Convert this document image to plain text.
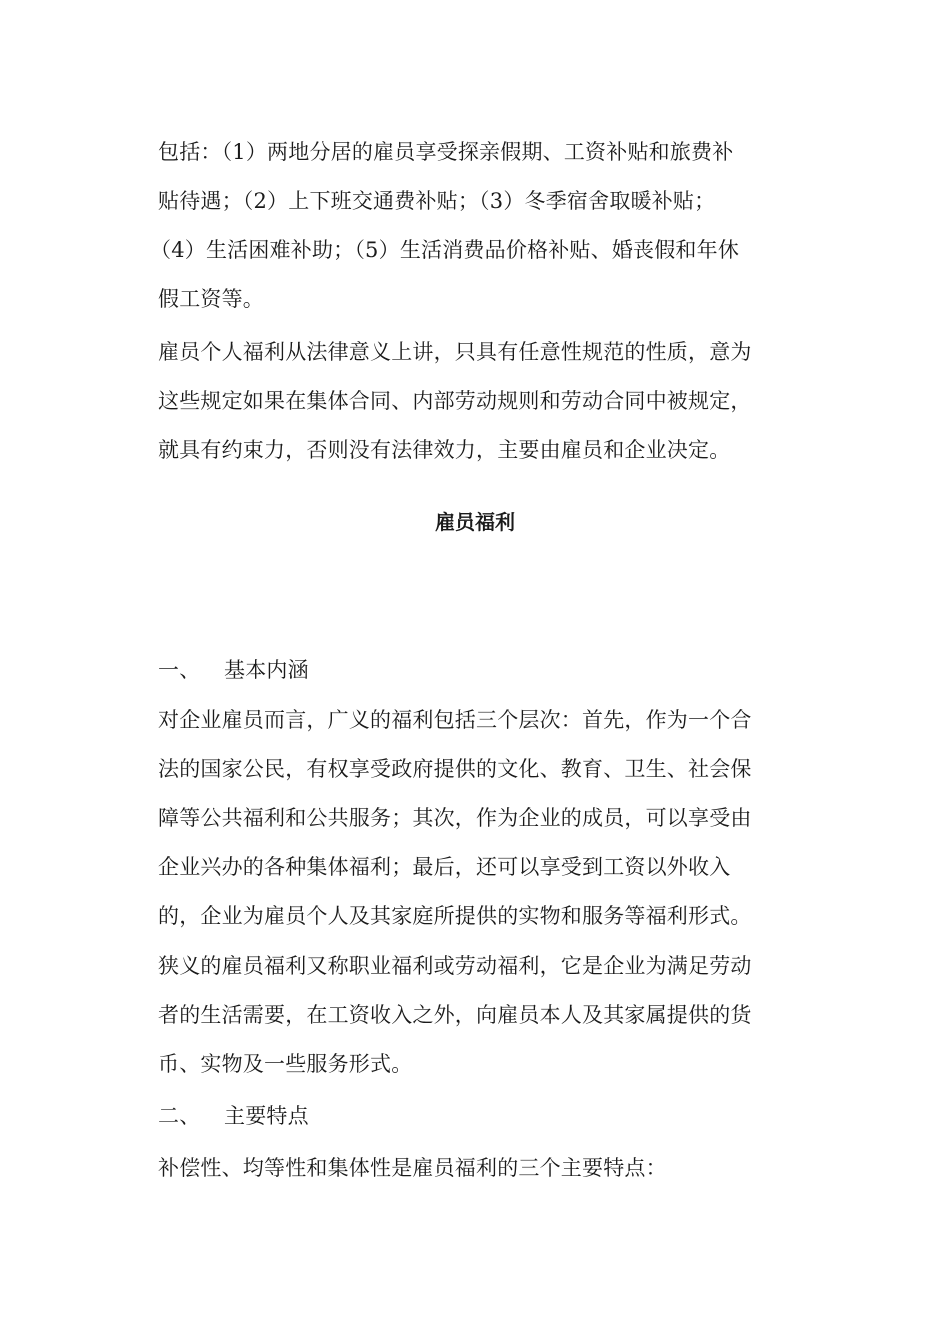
包括：（1）两地分居的雇员享受探亲假期、工资补贴和旅费补
贴待遇；（2）上下班交通费补贴；（3）冬季宿舍取暖补贴；
（4）生活困难补助；（5）生活消费品价格补贴、婚丧假和年休
假工资等。
雇员个人福利从法律意义上讲，只具有任意性规范的性质，意为
这些规定如果在集体合同、内部劳动规则和劳动合同中被规定，
就具有约束力，否则没有法律效力，主要由雇员和企业决定。
雇员福利
一、 基本内涵
对企业雇员而言，广义的福利包括三个层次：首先，作为一个合
法的国家公民，有权享受政府提供的文化、教育、卫生、社会保
障等公共福利和公共服务；其次，作为企业的成员，可以享受由
企业兴办的各种集体福利；最后，还可以享受到工资以外收入
的，企业为雇员个人及其家庭所提供的实物和服务等福利形式。
狭义的雇员福利又称职业福利或劳动福利，它是企业为满足劳动
者的生活需要，在工资收入之外，向雇员本人及其家属提供的货
币、实物及一些服务形式。
二、 主要特点
补偿性、均等性和集体性是雇员福利的三个主要特点：
